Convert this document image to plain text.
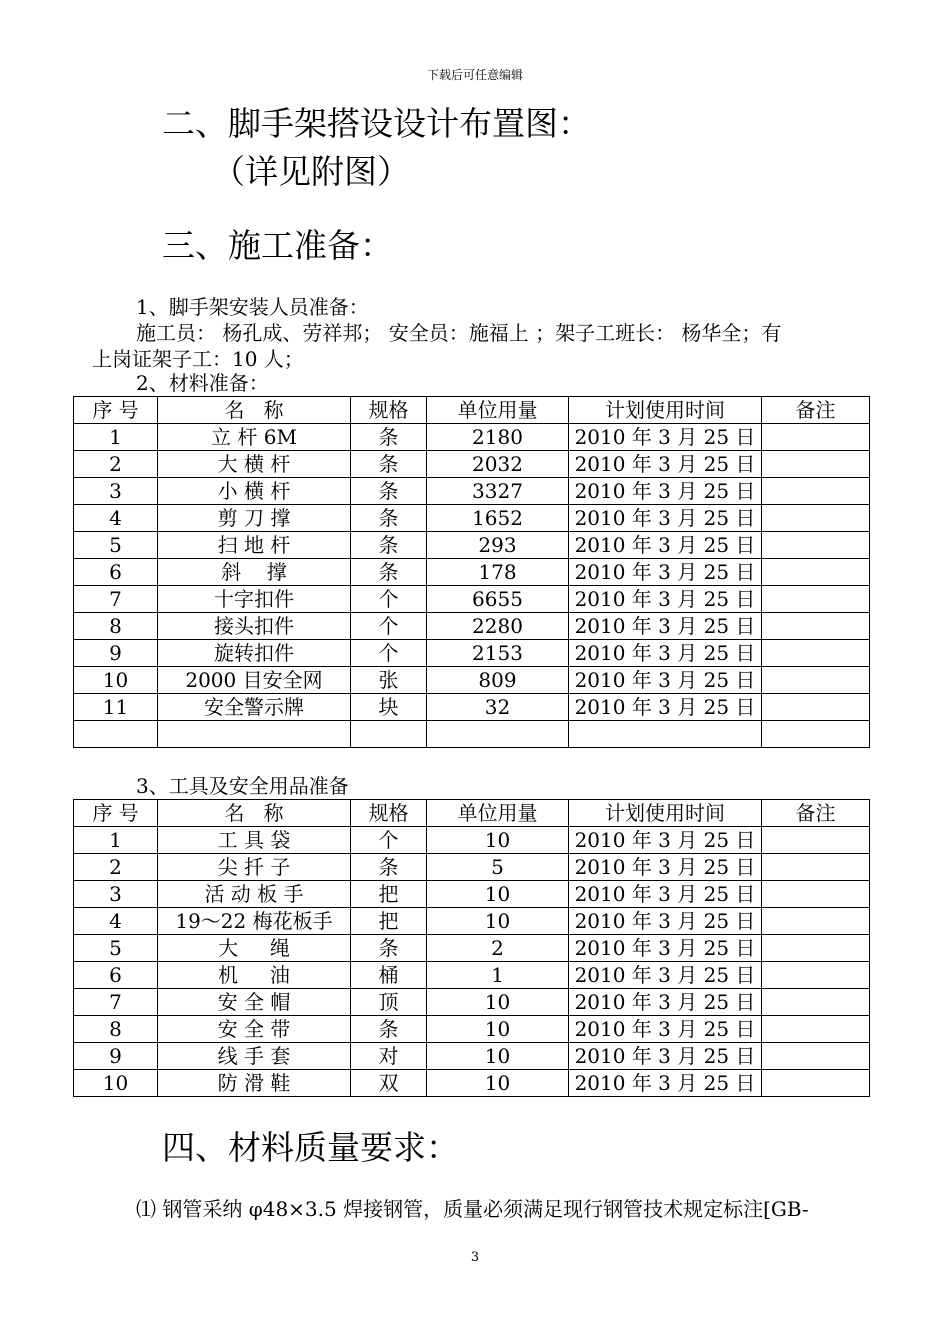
下载后可任意编辑
二、脚手架搭设设计布置图：
（详见附图）
三、施工准备：
1、脚手架安装人员准备：
施工员： 杨孔成、劳祥邦； 安全员：施福上 ；架子工班长： 杨华全；有
上岗证架子工：10 人；
2、材料准备：
序 号	名   称	规格	单位用量	计划使用时间	备注
1	立 杆 6M	条	2180	2010 年 3 月 25 日	
2	大 横 杆	条	2032	2010 年 3 月 25 日	
3	小 横 杆	条	3327	2010 年 3 月 25 日	
4	剪 刀 撑	条	1652	2010 年 3 月 25 日	
5	扫 地 杆	条	293	2010 年 3 月 25 日	
6	斜    撑	条	178	2010 年 3 月 25 日	
7	十字扣件	个	6655	2010 年 3 月 25 日	
8	接头扣件	个	2280	2010 年 3 月 25 日	
9	旋转扣件	个	2153	2010 年 3 月 25 日	
10	2000 目安全网	张	809	2010 年 3 月 25 日	
11	安全警示牌	块	32	2010 年 3 月 25 日	

3、工具及安全用品准备
序 号	名   称	规格	单位用量	计划使用时间	备注
1	工 具 袋	个	10	2010 年 3 月 25 日	
2	尖 扦 子	条	5	2010 年 3 月 25 日	
3	活 动 板 手	把	10	2010 年 3 月 25 日	
4	19～22 梅花板手	把	10	2010 年 3 月 25 日	
5	大     绳	条	2	2010 年 3 月 25 日	
6	机     油	桶	1	2010 年 3 月 25 日	
7	安 全 帽	顶	10	2010 年 3 月 25 日	
8	安 全 带	条	10	2010 年 3 月 25 日	
9	线 手 套	对	10	2010 年 3 月 25 日	
10	防 滑 鞋	双	10	2010 年 3 月 25 日	
四、材料质量要求：
⑴ 钢管采纳 φ48×3.5 焊接钢管，质量必须满足现行钢管技术规定标注[GB-
3
